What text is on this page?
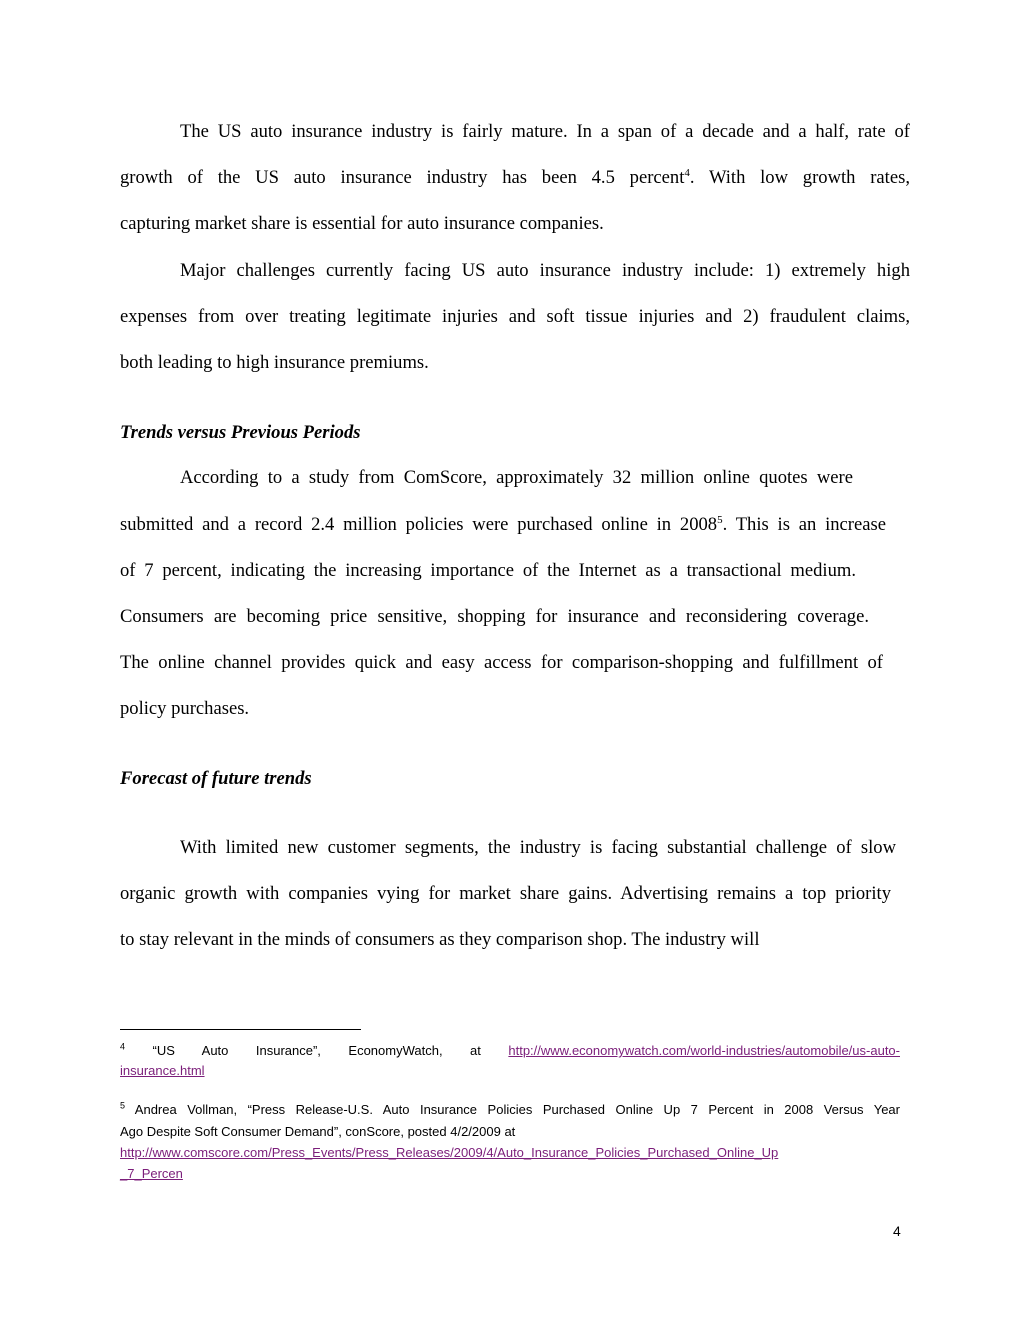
The US auto insurance industry is fairly mature. In a span of a decade and a half, rate of
growth of the US auto insurance industry has been 4.5 percent$^4$. With low growth rates,
capturing market share is essential for auto insurance companies.
Major challenges currently facing US auto insurance industry include: 1) extremely high
expenses from over treating legitimate injuries and soft tissue injuries and 2) fraudulent claims,
both leading to high insurance premiums.
Trends versus Previous Periods
According to a study from ComScore, approximately 32 million online quotes were
submitted and a record 2.4 million policies were purchased online in 2008$^5$. This is an increase
of 7 percent, indicating the increasing importance of the Internet as a transactional medium.
Consumers are becoming price sensitive, shopping for insurance and reconsidering coverage.
The online channel provides quick and easy access for comparison-shopping and fulfillment of
policy purchases.
Forecast of future trends
With limited new customer segments, the industry is facing substantial challenge of slow
organic growth with companies vying for market share gains. Advertising remains a top priority
to stay relevant in the minds of consumers as they comparison shop. The industry will
$^4$ “US Auto Insurance”, EconomyWatch, at http://www.economywatch.com/world-industries/automobile/us-auto-
insurance.html
$^5$ Andrea Vollman, “Press Release-U.S. Auto Insurance Policies Purchased Online Up 7 Percent in 2008 Versus Year
Ago Despite Soft Consumer Demand”, conScore, posted 4/2/2009 at
http://www.comscore.com/Press_Events/Press_Releases/2009/4/Auto_Insurance_Policies_Purchased_Online_Up
_7_Percen
4
